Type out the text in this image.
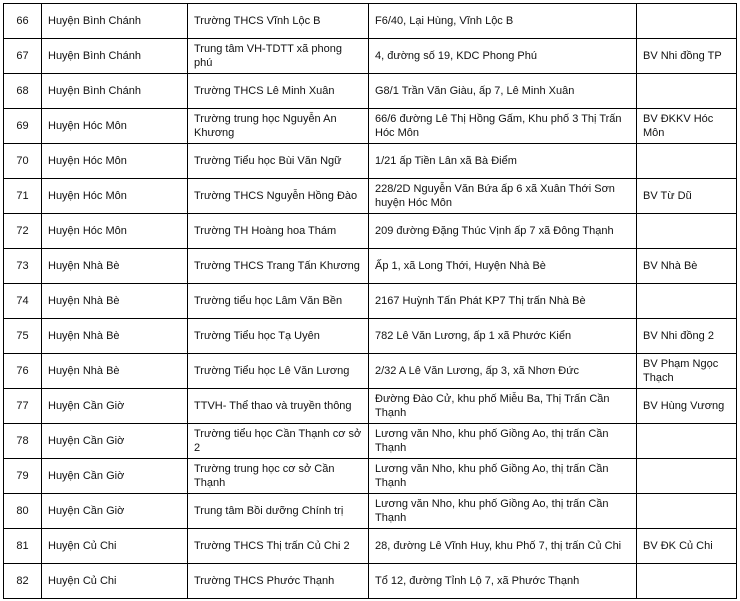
66	Huyện Bình Chánh	Trường THCS Vĩnh Lộc B	F6/40, Lại Hùng, Vĩnh Lộc B	
67	Huyện Bình Chánh	Trung tâm VH-TDTT xã phong phú	4, đường số 19, KDC Phong Phú	BV Nhi đồng TP
68	Huyện Bình Chánh	Trường THCS Lê Minh Xuân	G8/1 Trần Văn Giàu, ấp 7, Lê Minh Xuân	
69	Huyện Hóc Môn	Trường trung học Nguyễn An Khương	66/6 đường Lê Thị Hồng Gấm, Khu phố 3 Thị Trấn Hóc Môn	BV ĐKKV Hóc Môn
70	Huyện Hóc Môn	Trường Tiểu học Bùi Văn Ngữ	1/21 ấp Tiền Lân xã Bà Điểm	
71	Huyện Hóc Môn	Trường THCS Nguyễn Hồng Đào	228/2D Nguyễn Văn Bứa ấp 6 xã Xuân Thới Sơn huyện Hóc Môn	BV Từ Dũ
72	Huyện Hóc Môn	Trường TH Hoàng hoa Thám	209 đường Đặng Thúc Vịnh ấp 7 xã Đông Thạnh	
73	Huyện Nhà Bè	Trường THCS Trang Tấn Khương	Ấp 1, xã Long Thới, Huyện Nhà Bè	BV Nhà Bè
74	Huyện Nhà Bè	Trường tiểu học Lâm Văn Bền	2167 Huỳnh Tấn Phát KP7 Thị trấn Nhà Bè	
75	Huyện Nhà Bè	Trường Tiểu học Tạ Uyên	782 Lê Văn Lương, ấp 1 xã Phước Kiển	BV Nhi đồng 2
76	Huyện Nhà Bè	Trường Tiểu học Lê Văn Lương	2/32 A Lê Văn Lương, ấp 3, xã Nhơn Đức	BV Phạm Ngọc Thạch
77	Huyện Cần Giờ	TTVH- Thể thao và truyền thông	Đường Đào Cử, khu phố Miễu Ba, Thị Trấn Cần Thạnh	BV Hùng Vương
78	Huyện Cần Giờ	Trường tiểu học Cần Thạnh cơ sở 2	Lương văn Nho, khu phố Giồng Ao, thị trấn Cần Thạnh	
79	Huyện Cần Giờ	Trường trung học cơ sở Cần Thạnh	Lương văn Nho, khu phố Giồng Ao, thị trấn Cần Thạnh	
80	Huyện Cần Giờ	Trung tâm Bồi dưỡng Chính trị	Lương văn Nho, khu phố Giồng Ao, thị trấn Cần Thạnh	
81	Huyện Củ Chi	Trường THCS Thị trấn Củ Chi 2	28, đường Lê Vĩnh Huy, khu Phố 7, thị trấn Củ Chi	BV ĐK Củ Chi
82	Huyện Củ Chi	Trường THCS Phước Thạnh	Tổ 12, đường Tỉnh Lộ 7, xã Phước Thạnh	
